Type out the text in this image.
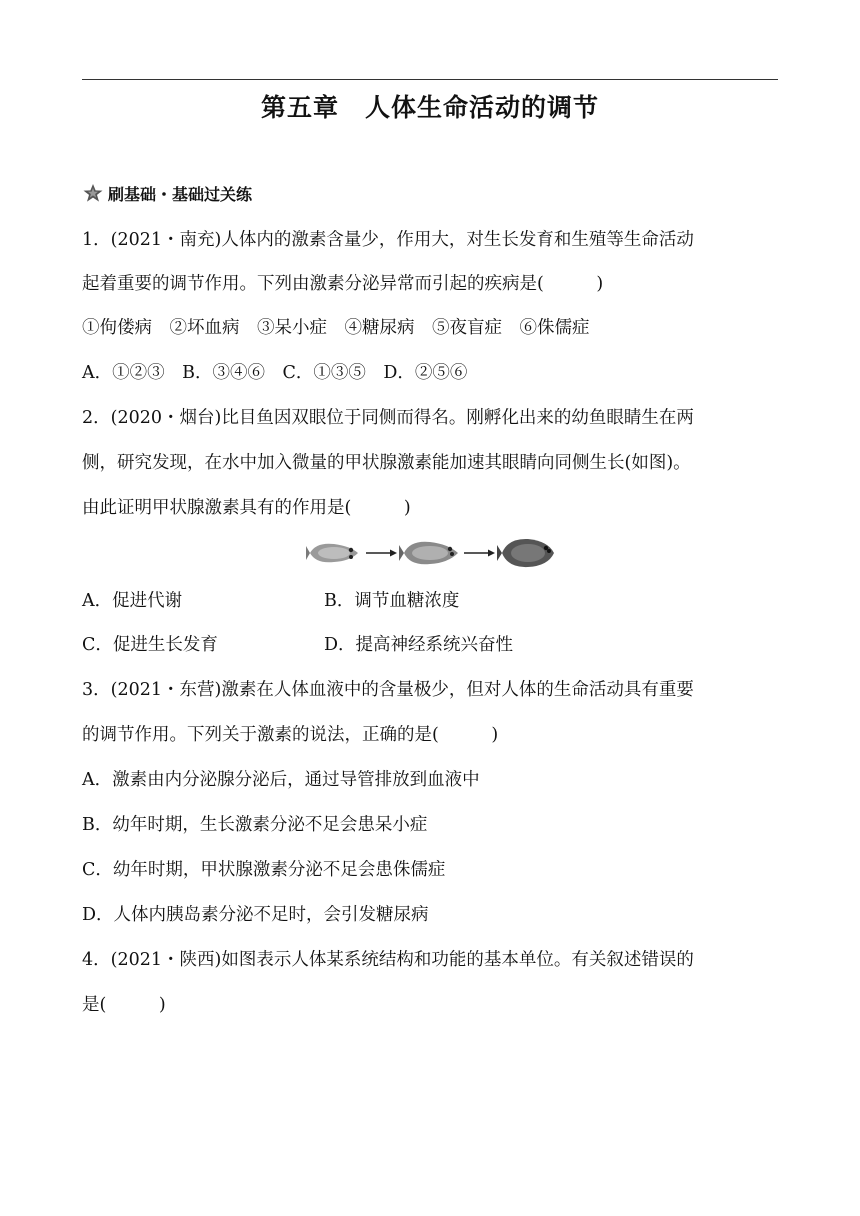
第五章　人体生命活动的调节
刷基础・基础过关练
1．(2021・南充)人体内的激素含量少，作用大，对生长发育和生殖等生命活动
起着重要的调节作用。下列由激素分泌异常而引起的疾病是(　　　)
①佝偻病　②坏血病　③呆小症　④糖尿病　⑤夜盲症　⑥侏儒症
A．①②③　B．③④⑥　C．①③⑤　D．②⑤⑥
2．(2020・烟台)比目鱼因双眼位于同侧而得名。刚孵化出来的幼鱼眼睛生在两
侧，研究发现，在水中加入微量的甲状腺激素能加速其眼睛向同侧生长(如图)。
由此证明甲状腺激素具有的作用是(　　　)
A．促进代谢	B．调节血糖浓度
C．促进生长发育	D．提高神经系统兴奋性
3．(2021・东营)激素在人体血液中的含量极少，但对人体的生命活动具有重要
的调节作用。下列关于激素的说法，正确的是(　　　)
A．激素由内分泌腺分泌后，通过导管排放到血液中
B．幼年时期，生长激素分泌不足会患呆小症
C．幼年时期，甲状腺激素分泌不足会患侏儒症
D．人体内胰岛素分泌不足时，会引发糖尿病
4．(2021・陕西)如图表示人体某系统结构和功能的基本单位。有关叙述错误的
是(　　　)
